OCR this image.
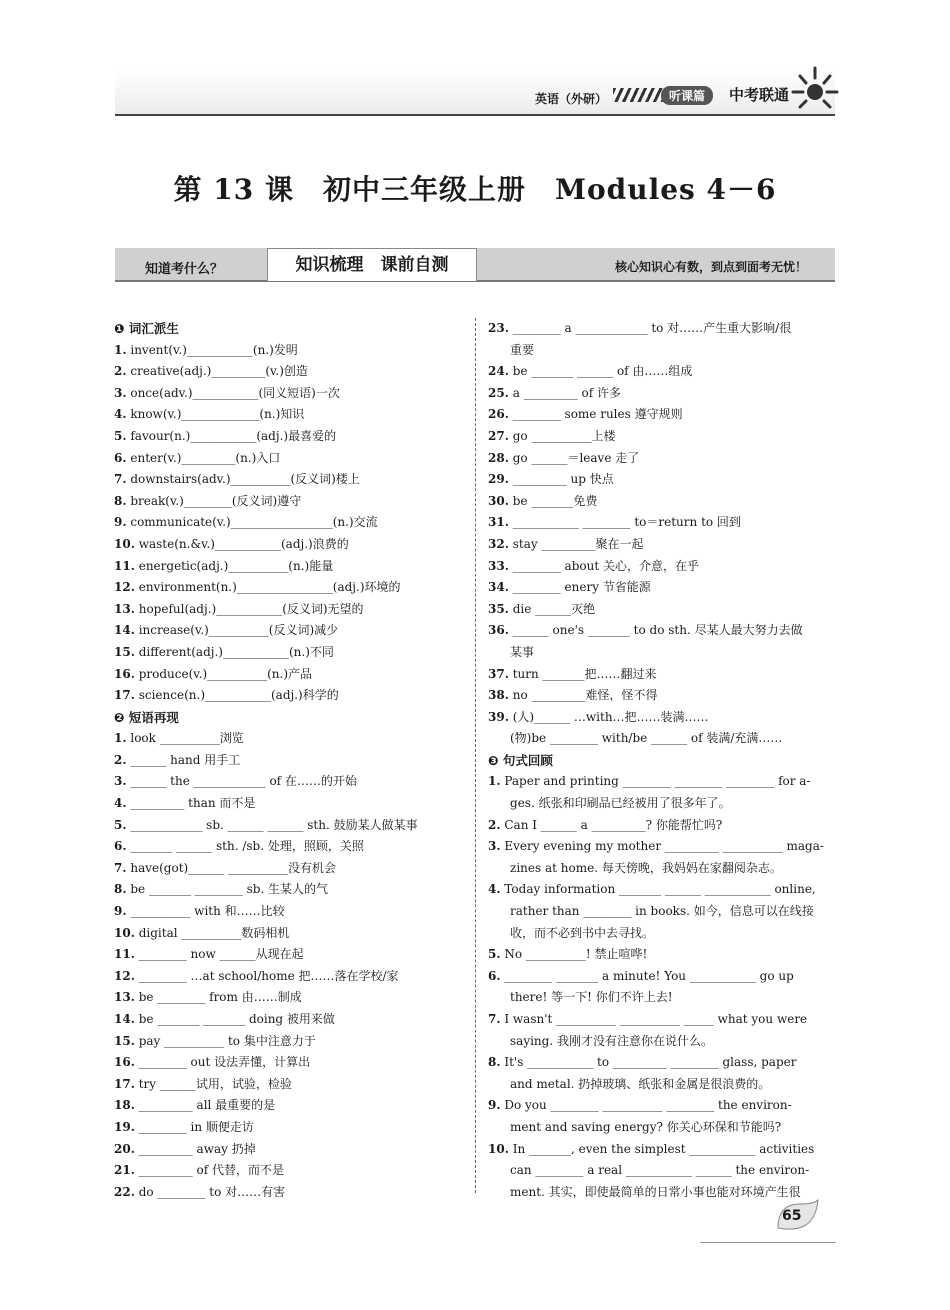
英语（外研）	听课篇	中考联通
第 13 课　初中三年级上册　Modules 4－6
知道考什么？	知识梳理　课前自测	核心知识心有数，到点到面考无忧！
❶ 词汇派生
1. invent(v.)___________(n.)发明
2. creative(adj.)_________(v.)创造
3. once(adv.)___________(同义短语)一次
4. know(v.)_____________(n.)知识
5. favour(n.)___________(adj.)最喜爱的
6. enter(v.)_________(n.)入口
7. downstairs(adv.)__________(反义词)楼上
8. break(v.)________(反义词)遵守
9. communicate(v.)_________________(n.)交流
10. waste(n.&v.)___________(adj.)浪费的
11. energetic(adj.)__________(n.)能量
12. environment(n.)________________(adj.)环境的
13. hopeful(adj.)___________(反义词)无望的
14. increase(v.)__________(反义词)减少
15. different(adj.)___________(n.)不同
16. produce(v.)__________(n.)产品
17. science(n.)___________(adj.)科学的
❷ 短语再现
1. look __________浏览
2. ______ hand 用手工
3. ______ the ____________ of 在……的开始
4. _________ than 而不是
5. ____________ sb. ______ ______ sth. 鼓励某人做某事
6. _______ ______ sth. /sb. 处理，照顾，关照
7. have(got)______ __________没有机会
8. be _______ ________ sb. 生某人的气
9. __________ with 和……比较
10. digital __________数码相机
11. ________ now ______从现在起
12. ________ …at school/home 把……落在学校/家
13. be ________ from 由……制成
14. be _______ _______ doing 被用来做
15. pay __________ to 集中注意力于
16. ________ out 设法弄懂，计算出
17. try ______试用，试验，检验
18. _________ all 最重要的是
19. ________ in 顺便走访
20. _________ away 扔掉
21. _________ of 代替，而不是
22. do ________ to 对……有害
23. ________ a ____________ to 对……产生重大影响/很
重要
24. be _______ ______ of 由……组成
25. a _________ of 许多
26. ________ some rules 遵守规则
27. go __________上楼
28. go ______＝leave 走了
29. _________ up 快点
30. be _______免费
31. ___________ ________ to＝return to 回到
32. stay _________聚在一起
33. ________ about 关心，介意，在乎
34. ________ enery 节省能源
35. die ______灭绝
36. ______ one's _______ to do sth. 尽某人最大努力去做
某事
37. turn _______把……翻过来
38. no _________难怪，怪不得
39. (人)______ …with…把……装满……
(物)be ________ with/be ______ of 装满/充满……
❸ 句式回顾
1. Paper and printing ________ ________ ________ for a-
ges. 纸张和印刷品已经被用了很多年了。
2. Can I ______ a _________? 你能帮忙吗?
3. Every evening my mother _________ __________ maga-
zines at home. 每天傍晚，我妈妈在家翻阅杂志。
4. Today information _______ ______ ___________ online,
rather than ________ in books. 如今，信息可以在线接
收，而不必到书中去寻找。
5. No __________! 禁止喧哗!
6. ________ _______ a minute! You ___________ go up
there! 等一下! 你们不许上去!
7. I wasn't __________ __________ _____ what you were
saying. 我刚才没有注意你在说什么。
8. It's ___________ to _________ ________ glass, paper
and metal. 扔掉玻璃、纸张和金属是很浪费的。
9. Do you ________ __________ ________ the environ-
ment and saving energy? 你关心环保和节能吗?
10. In _______, even the simplest ___________ activities
can ________ a real ___________ ______ the environ-
ment. 其实，即使最简单的日常小事也能对环境产生很
65
